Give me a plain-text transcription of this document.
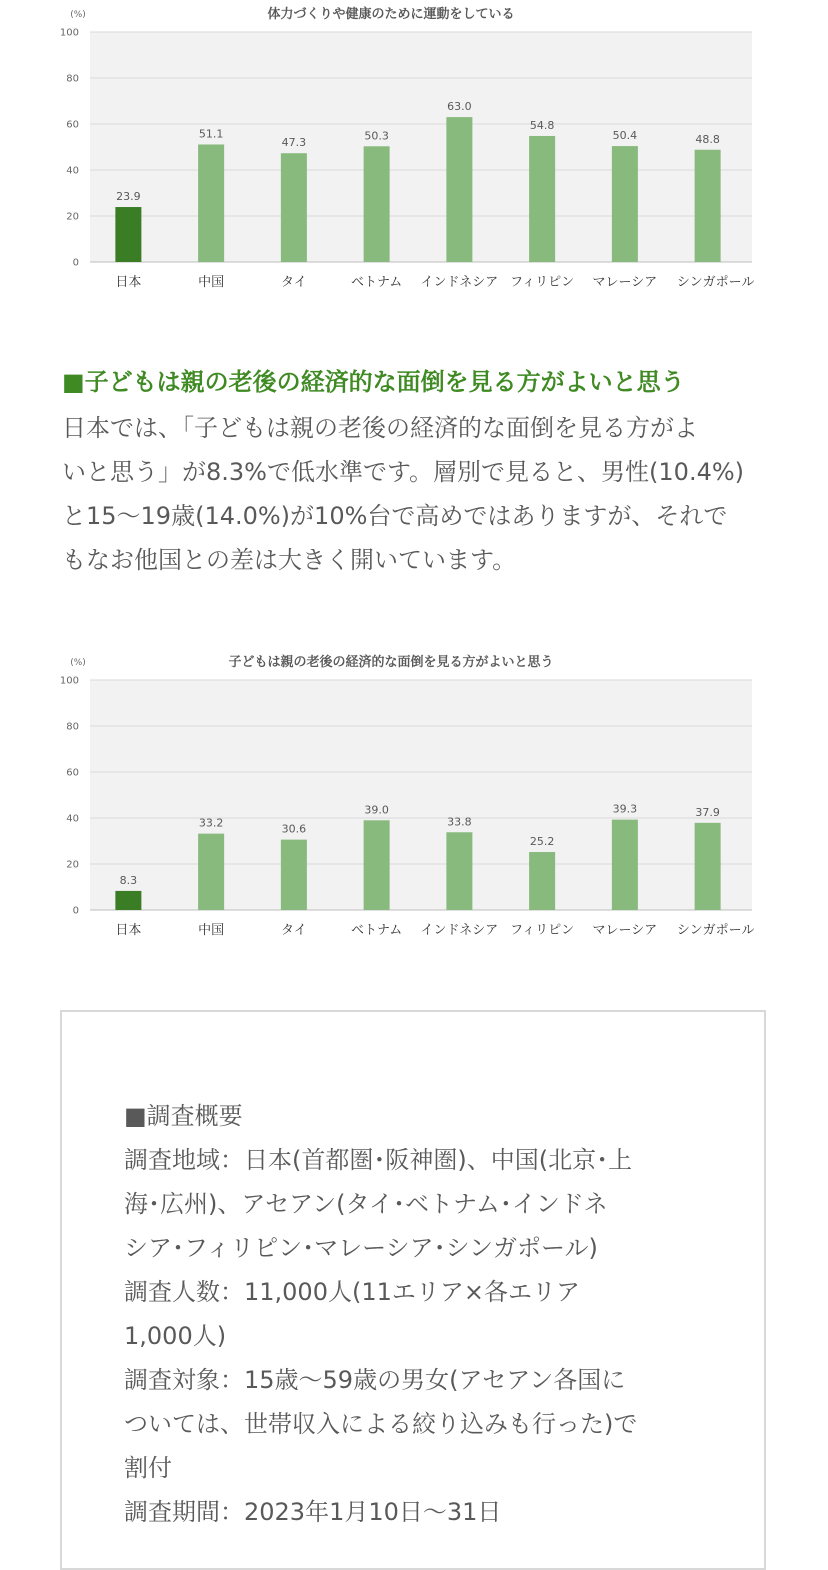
体力づくりや健康のために運動をしている
(%)
0
20
40
60
80
100
23.9
日本
51.1
中国
47.3
タイ
50.3
ベトナム
63.0
インドネシア
54.8
フィリピン
50.4
マレーシア
48.8
シンガポール
■子どもは親の老後の経済的な面倒を見る方がよいと思う
日本では、「子どもは親の老後の経済的な面倒を見る方がよ
いと思う」が8.3%で低水準です。層別で見ると、男性(10.4%)
と15〜19歳(14.0%)が10%台で高めではありますが、それで
もなお他国との差は大きく開いています。
子どもは親の老後の経済的な面倒を見る方がよいと思う
(%)
0
20
40
60
80
100
8.3
日本
33.2
中国
30.6
タイ
39.0
ベトナム
33.8
インドネシア
25.2
フィリピン
39.3
マレーシア
37.9
シンガポール
■調査概要
調査地域：日本(首都圏･阪神圏)、中国(北京･上
海･広州)、アセアン(タイ･ベトナム･インドネ
シア･フィリピン･マレーシア･シンガポール)
調査人数：11,000人(11エリア×各エリア
1,000人)
調査対象：15歳〜59歳の男女(アセアン各国に
ついては、世帯収入による絞り込みも行った)で
割付
調査期間：2023年1月10日〜31日
